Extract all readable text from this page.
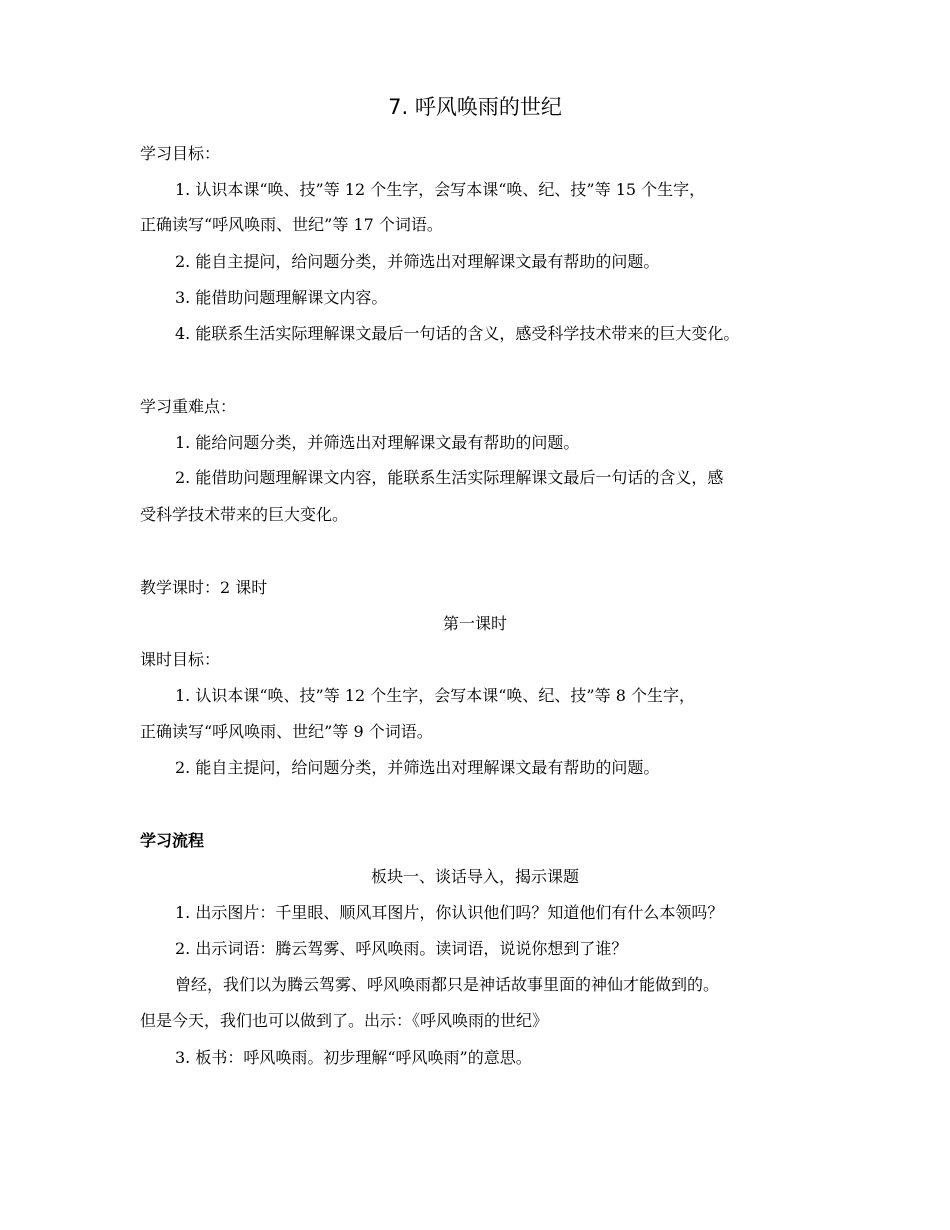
7. 呼风唤雨的世纪
学习目标：
1. 认识本课“唤、技”等 12 个生字，会写本课“唤、纪、技”等 15 个生字，
正确读写“呼风唤雨、世纪”等 17 个词语。
2. 能自主提问，给问题分类，并筛选出对理解课文最有帮助的问题。
3. 能借助问题理解课文内容。
4. 能联系生活实际理解课文最后一句话的含义，感受科学技术带来的巨大变化。
学习重难点：
1. 能给问题分类，并筛选出对理解课文最有帮助的问题。
2. 能借助问题理解课文内容，能联系生活实际理解课文最后一句话的含义，感
受科学技术带来的巨大变化。
教学课时：2 课时
第一课时
课时目标：
1. 认识本课“唤、技”等 12 个生字，会写本课“唤、纪、技”等 8 个生字，
正确读写“呼风唤雨、世纪”等 9 个词语。
2. 能自主提问，给问题分类，并筛选出对理解课文最有帮助的问题。
学习流程
板块一、谈话导入，揭示课题
1. 出示图片：千里眼、顺风耳图片，你认识他们吗？知道他们有什么本领吗？
2. 出示词语：腾云驾雾、呼风唤雨。读词语，说说你想到了谁？
曾经，我们以为腾云驾雾、呼风唤雨都只是神话故事里面的神仙才能做到的。
但是今天，我们也可以做到了。出示：《呼风唤雨的世纪》
3. 板书：呼风唤雨。初步理解“呼风唤雨”的意思。
